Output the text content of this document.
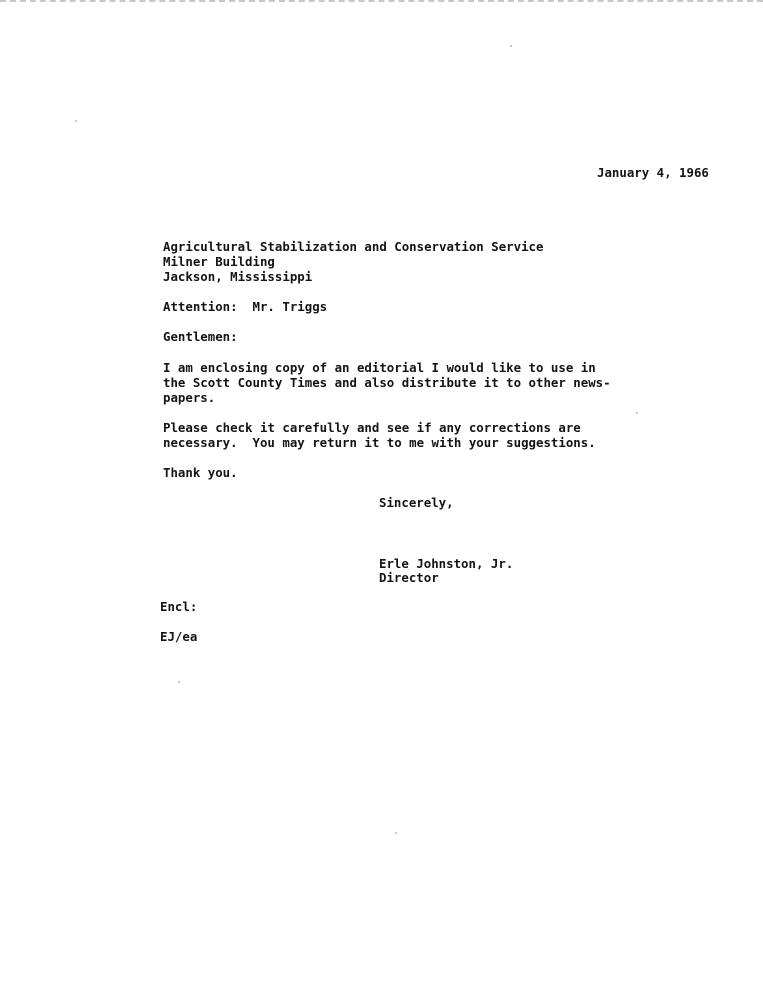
January 4, 1966

Agricultural Stabilization and Conservation Service

Milner Building

Jackson, Mississippi

Attention:  Mr. Triggs

Gentlemen:

I am enclosing copy of an editorial I would like to use in

the Scott County Times and also distribute it to other news-

papers.

Please check it carefully and see if any corrections are

necessary.  You may return it to me with your suggestions.

Thank you.

Sincerely,

Erle Johnston, Jr.

Director

Encl:

EJ/ea
